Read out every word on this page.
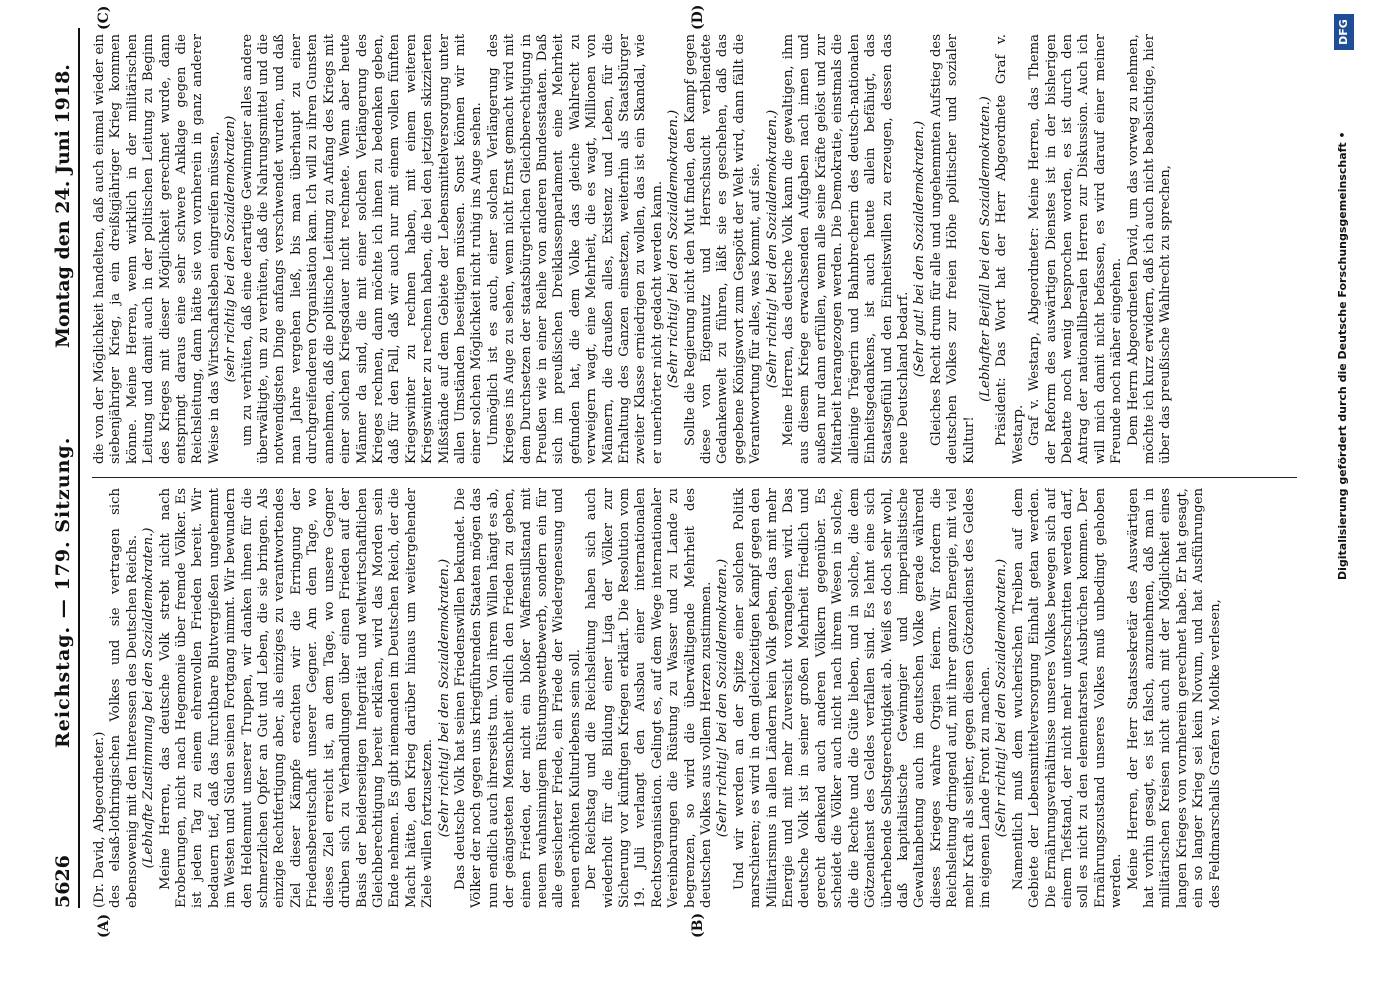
5626
Reichstag. — 179. Sitzung.
Montag den 24. Juni 1918.
(A)	(B)
(C)	(D)

(Dr. David, Abgeordneter.) des elsaß-lothringischen Volkes und sie vertragen sich ebensowenig mit den Interessen des Deutschen Reichs. (Lebhafte Zustimmung bei den Sozialdemokraten.) Meine Herren, das deutsche Volk strebt nicht nach Eroberungen, nicht nach Hegemonie über fremde Völker. Es ist jeden Tag zu einem ehrenvollen Frieden bereit. Wir bedauern tief, daß das furchtbare Blutvergießen ungehemmt im Westen und Süden seinen Fortgang nimmt. Wir bewundern den Heldenmut unserer Truppen, wir danken ihnen für die schmerzlichen Opfer an Gut und Leben, die sie bringen. Als einzige Rechtfertigung aber, als einziges zu verantwortendes Ziel dieser Kämpfe erachten wir die Erringung der Friedensbereitschaft unserer Gegner. Am dem Tage, wo dieses Ziel erreicht ist, an dem Tage, wo unsere Gegner drüben sich zu Verhandlungen über einen Frieden auf der Basis der beiderseitigen Integrität und weltwirtschaftlichen Gleichberechtigung bereit erklären, wird das Morden sein Ende nehmen. Es gibt niemanden im Deutschen Reich, der die Macht hätte, den Krieg darüber hinaus um weitergehender Ziele willen fortzusetzen. (Sehr richtig! bei den Sozialdemokraten.) Das deutsche Volk hat seinen Friedenswillen bekundet. Die Völker der noch gegen uns kriegführenden Staaten mögen das nun endlich auch ihrerseits tun. Von ihrem Willen hängt es ab, der geängsteten Menschheit endlich den Frieden zu geben, einen Frieden, der nicht ein bloßer Waffenstillstand mit neuem wahnsinnigem Rüstungswettbewerb, sondern ein für alle gesicherter Friede, ein Friede der Wiedergenesung und neuen erhöhten Kulturlebens sein soll. Der Reichstag und die Reichsleitung haben sich auch wiederholt für die Bildung einer Liga der Völker zur Sicherung vor künftigen Kriegen erklärt. Die Resolution vom 19. Juli verlangt den Ausbau einer internationalen Rechtsorganisation. Gelingt es, auf dem Wege internationaler Vereinbarungen die Rüstung zu Wasser und zu Lande zu begrenzen, so wird die überwältigende Mehrheit des deutschen Volkes aus vollem Herzen zustimmen. (Sehr richtig! bei den Sozialdemokraten.) Und wir werden an der Spitze einer solchen Politik marschieren; es wird in dem gleichzeitigen Kampf gegen den Militarismus in allen Ländern kein Volk geben, das mit mehr Energie und mit mehr Zuversicht vorangehen wird. Das deutsche Volk ist in seiner großen Mehrheit friedlich und gerecht denkend auch anderen Völkern gegenüber. Es scheidet die Völker auch nicht nach ihrem Wesen in solche, die die Rechte und die Güte lieben, und in solche, die dem Götzendienst des Geldes verfallen sind. Es lehnt eine sich überhebende Selbstgerechtigkeit ab. Weiß es doch sehr wohl, daß kapitalistische Gewinngier und imperialistische Gewaltanbetung auch im deutschen Volke gerade während dieses Krieges wahre Orgien feiern. Wir fordern die Reichsleitung dringend auf, mit ihrer ganzen Energie, mit viel mehr Kraft als seither, gegen diesen Götzendienst des Geldes im eigenen Lande Front zu machen. (Sehr richtig! bei den Sozialdemokraten.) Namentlich muß dem wucherischen Treiben auf dem Gebiete der Lebensmittelversorgung Einhalt getan werden. Die Ernährungsverhältnisse unseres Volkes bewegen sich auf einem Tiefstand, der nicht mehr unterschritten werden darf, soll es nicht zu den elementarsten Ausbrüchen kommen. Der Ernährungszustand unseres Volkes muß unbedingt gehoben werden. Meine Herren, der Herr Staatssekretär des Auswärtigen hat vorhin gesagt, es ist falsch, anzunehmen, daß man in militärischen Kreisen nicht auch mit der Möglichkeit eines langen Krieges von vornherein gerechnet habe. Er hat gesagt, ein so langer Krieg sei kein Novum, und hat Ausführungen des Feldmarschalls Grafen v. Moltke verlesen,

die von der Möglichkeit handelten, daß auch einmal wieder ein siebenjähriger Krieg, ja ein dreißigjähriger Krieg kommen könne. Meine Herren, wenn wirklich in der militärischen Leitung und damit auch in der politischen Leitung zu Beginn des Krieges mit dieser Möglichkeit gerechnet wurde, dann entspringt daraus eine sehr schwere Anklage gegen die Reichsleitung, dann hätte sie von vornherein in ganz anderer Weise in das Wirtschaftsleben eingreifen müssen, (sehr richtig bei den Sozialdemokraten) um zu verhüten, daß eine derartige Gewinngier alles andere überwältigte, um zu verhüten, daß die Nahrungsmittel und die notwendigsten Dinge anfangs verschwendet wurden, und daß man Jahre vergehen ließ, bis man überhaupt zu einer durchgreifenderen Organisation kam. Ich will zu ihren Gunsten annehmen, daß die politische Leitung zu Anfang des Kriegs mit einer solchen Kriegsdauer nicht rechnete. Wenn aber heute Männer da sind, die mit einer solchen Verlängerung des Krieges rechnen, dann möchte ich ihnen zu bedenken geben, daß für den Fall, daß wir auch nur mit einem vollen fünften Kriegswinter zu rechnen haben, mit einem weiteren Kriegswinter zu rechnen haben, die bei den jetzigen skizzierten Mißstände auf dem Gebiete der Lebensmittelversorgung unter allen Umständen beseitigen müssen. Sonst können wir mit einer solchen Möglichkeit nicht ruhig ins Auge sehen. Unmöglich ist es auch, einer solchen Verlängerung des Krieges ins Auge zu sehen, wenn nicht Ernst gemacht wird mit dem Durchsetzen der staatsbürgerlichen Gleichberechtigung in Preußen wie in einer Reihe von anderen Bundesstaaten. Daß sich im preußischen Dreiklassenparlament eine Mehrheit gefunden hat, die dem Volke das gleiche Wahlrecht zu verweigern wagt, eine Mehrheit, die es wagt, Millionen von Männern, die draußen alles, Existenz und Leben, für die Erhaltung des Ganzen einsetzen, weiterhin als Staatsbürger zweiter Klasse erniedrigen zu wollen, das ist ein Skandal, wie er unerhörter nicht gedacht werden kann. (Sehr richtig! bei den Sozialdemokraten.) Sollte die Regierung nicht den Mut finden, den Kampf gegen diese von Eigennutz und Herrschsucht verblendete Gedankenwelt zu führen, läßt sie es geschehen, daß das gegebene Königswort zum Gespött der Welt wird, dann fällt die Verantwortung für alles, was kommt, auf sie. (Sehr richtig! bei den Sozialdemokraten.) Meine Herren, das deutsche Volk kann die gewaltigen, ihm aus diesem Kriege erwachsenden Aufgaben nach innen und außen nur dann erfüllen, wenn alle seine Kräfte gelöst und zur Mitarbeit herangezogen werden. Die Demokratie, einstmals die alleinige Trägerin und Bahnbrecherin des deutsch-nationalen Einheitsgedankens, ist auch heute allein befähigt, das Staatsgefühl und den Einheitswillen zu erzeugen, dessen das neue Deutschland bedarf.

(Sehr gut! bei den Sozialdemokraten.) Gleiches Recht drum für alle und ungehemmten Aufstieg des deutschen Volkes zur freien Höhe politischer und sozialer Kultur!

(Lebhafter Beifall bei den Sozialdemokraten.) Präsident: Das Wort hat der Herr Abgeordnete Graf v. Westarp. Graf v. Westarp, Abgeordneter: Meine Herren, das Thema der Reform des auswärtigen Dienstes ist in der bisherigen Debatte noch wenig besprochen worden, es ist durch den Antrag der nationalliberalen Herren zur Diskussion. Auch ich will mich damit nicht befassen, es wird darauf einer meiner Freunde noch näher eingehen. Dem Herrn Abgeordneten David, um das vorweg zu nehmen, möchte ich kurz erwidern, daß ich auch nicht beabsichtige, hier über das preußische Wahlrecht zu sprechen,	Digitalisierung gefördert durch die Deutsche Forschungsgemeinschaft •
DFG
